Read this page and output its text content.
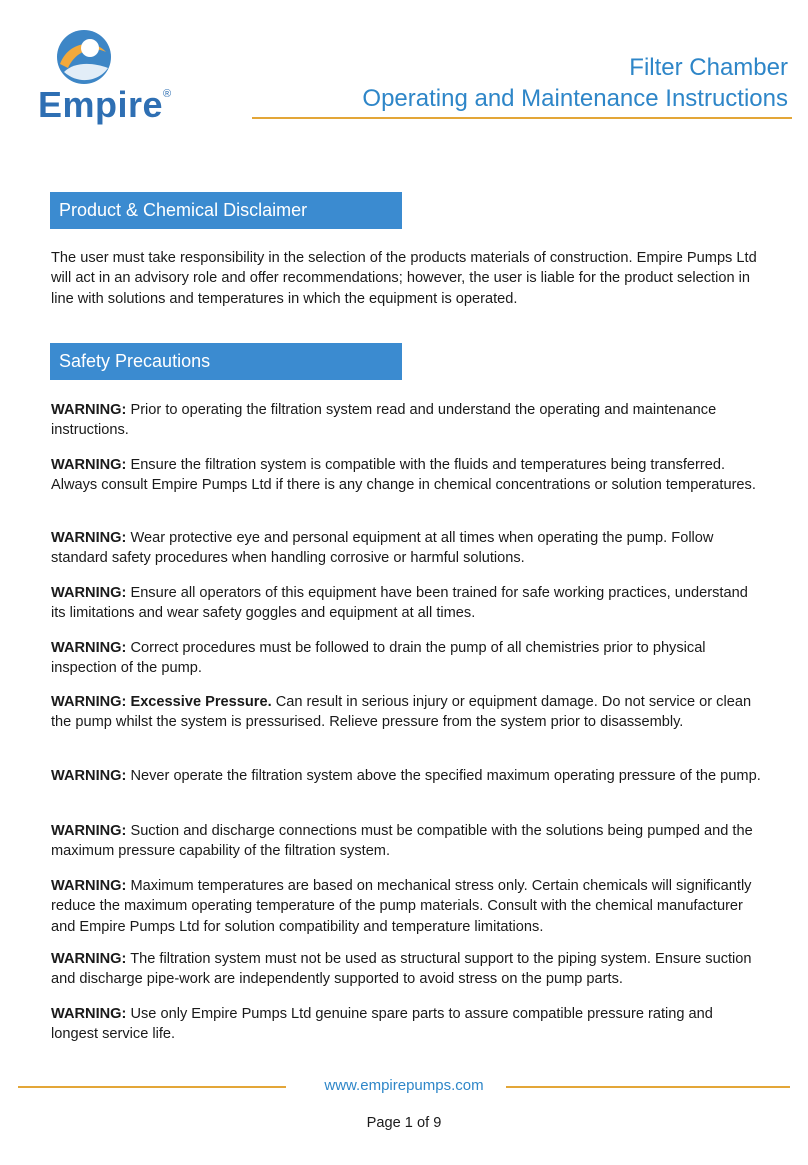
Empire®
Filter Chamber
Operating and Maintenance Instructions
Product & Chemical Disclaimer
The user must take responsibility in the selection of the products materials of construction. Empire Pumps Ltd will act in an advisory role and offer recommendations; however, the user is liable for the product selection in line with solutions and temperatures in which the equipment is operated.
Safety Precautions
WARNING: Prior to operating the filtration system read and understand the operating and maintenance instructions.
WARNING: Ensure the filtration system is compatible with the fluids and temperatures being transferred. Always consult Empire Pumps Ltd if there is any change in chemical concentrations or solution temperatures.
WARNING: Wear protective eye and personal equipment at all times when operating the pump. Follow standard safety procedures when handling corrosive or harmful solutions.
WARNING: Ensure all operators of this equipment have been trained for safe working practices, understand its limitations and wear safety goggles and equipment at all times.
WARNING: Correct procedures must be followed to drain the pump of all chemistries prior to physical inspection of the pump.
WARNING: Excessive Pressure. Can result in serious injury or equipment damage. Do not service or clean the pump whilst the system is pressurised. Relieve pressure from the system prior to disassembly.
WARNING: Never operate the filtration system above the specified maximum operating pressure of the pump.
WARNING: Suction and discharge connections must be compatible with the solutions being pumped and the maximum pressure capability of the filtration system.
WARNING: Maximum temperatures are based on mechanical stress only. Certain chemicals will significantly reduce the maximum operating temperature of the pump materials. Consult with the chemical manufacturer and Empire Pumps Ltd for solution compatibility and temperature limitations.
WARNING: The filtration system must not be used as structural support to the piping system. Ensure suction and discharge pipe-work are independently supported to avoid stress on the pump parts.
WARNING: Use only Empire Pumps Ltd genuine spare parts to assure compatible pressure rating and longest service life.
www.empirepumps.com
Page 1 of 9
